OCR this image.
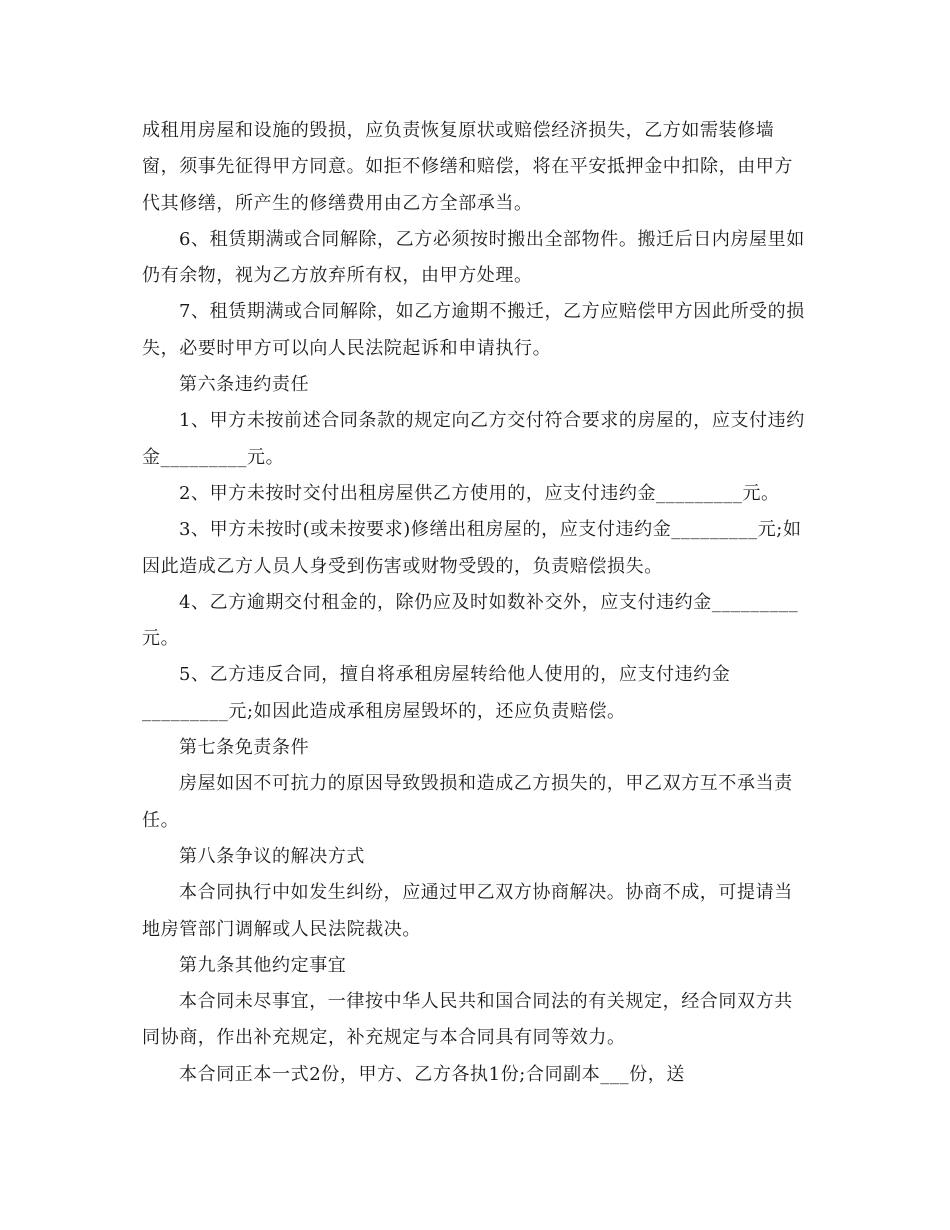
成租用房屋和设施的毁损，应负责恢复原状或赔偿经济损失，乙方如需装修墙
窗，须事先征得甲方同意。如拒不修缮和赔偿，将在平安抵押金中扣除，由甲方
代其修缮，所产生的修缮费用由乙方全部承当。
6、租赁期满或合同解除，乙方必须按时搬出全部物件。搬迁后日内房屋里如
仍有余物，视为乙方放弃所有权，由甲方处理。
7、租赁期满或合同解除，如乙方逾期不搬迁，乙方应赔偿甲方因此所受的损
失，必要时甲方可以向人民法院起诉和申请执行。
第六条违约责任
1、甲方未按前述合同条款的规定向乙方交付符合要求的房屋的，应支付违约
金_________元。
2、甲方未按时交付出租房屋供乙方使用的，应支付违约金_________元。
3、甲方未按时(或未按要求)修缮出租房屋的，应支付违约金_________元;如
因此造成乙方人员人身受到伤害或财物受毁的，负责赔偿损失。
4、乙方逾期交付租金的，除仍应及时如数补交外，应支付违约金_________
元。
5、乙方违反合同，擅自将承租房屋转给他人使用的，应支付违约金
_________元;如因此造成承租房屋毁坏的，还应负责赔偿。
第七条免责条件
房屋如因不可抗力的原因导致毁损和造成乙方损失的，甲乙双方互不承当责
任。
第八条争议的解决方式
本合同执行中如发生纠纷，应通过甲乙双方协商解决。协商不成，可提请当
地房管部门调解或人民法院裁决。
第九条其他约定事宜
本合同未尽事宜，一律按中华人民共和国合同法的有关规定，经合同双方共
同协商，作出补充规定，补充规定与本合同具有同等效力。
本合同正本一式2份，甲方、乙方各执1份;合同副本___份，送
